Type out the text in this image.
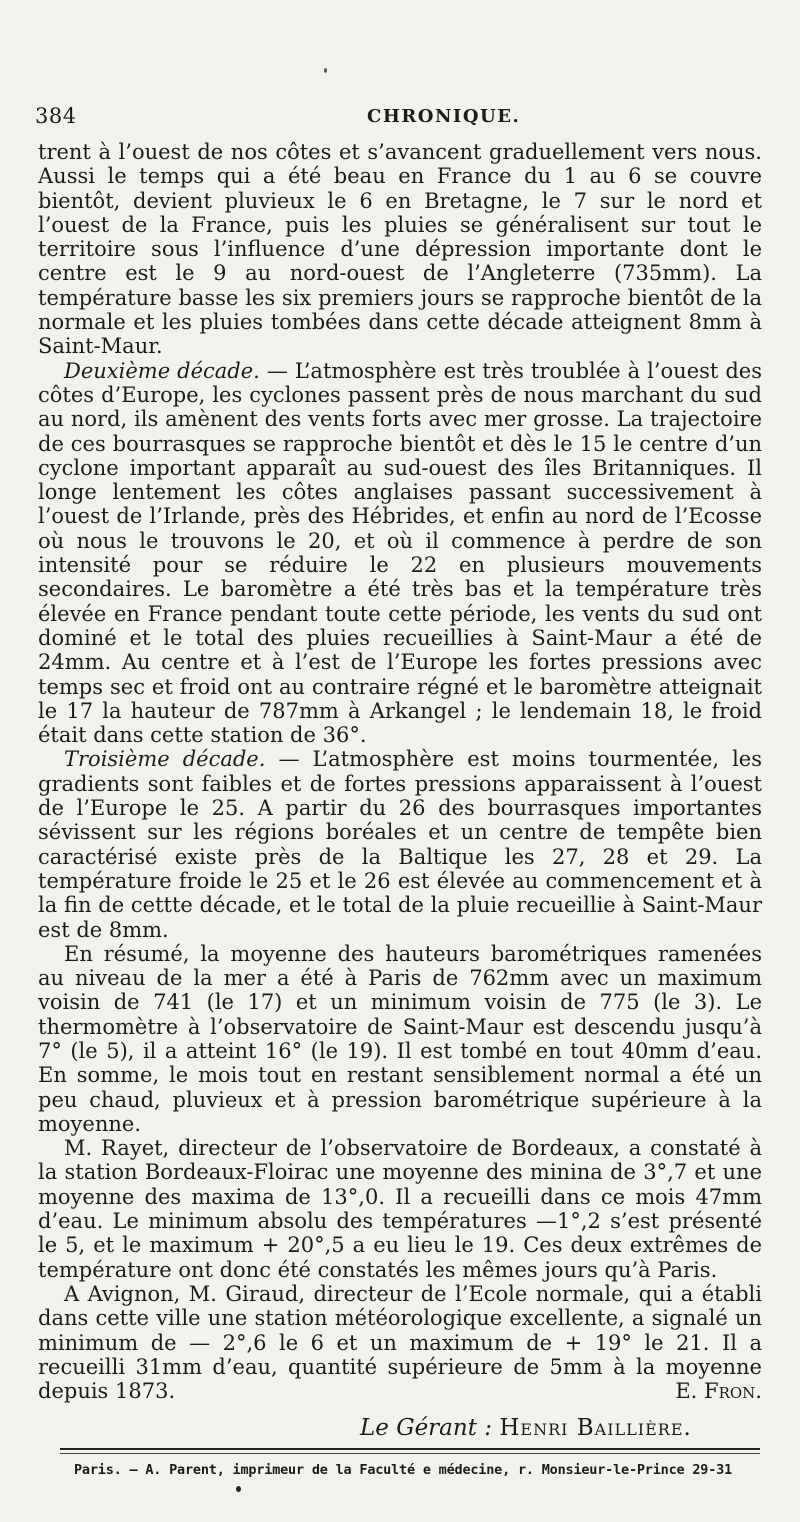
384	CHRONIQUE.

trent à l’ouest de nos côtes et s’avancent graduellement vers nous. Aussi le temps qui a été beau en France du 1 au 6 se couvre bientôt, devient pluvieux le 6 en Bretagne, le 7 sur le nord et l’ouest de la France, puis les pluies se généralisent sur tout le territoire sous l’influence d’une dépression importante dont le centre est le 9 au nord-ouest de l’Angleterre (735mm). La température basse les six premiers jours se rapproche bientôt de la normale et les pluies tombées dans cette décade atteignent 8mm à Saint-Maur.

Deuxième décade. — L’atmosphère est très troublée à l’ouest des côtes d’Europe, les cyclones passent près de nous marchant du sud au nord, ils amènent des vents forts avec mer grosse. La trajectoire de ces bourrasques se rapproche bientôt et dès le 15 le centre d’un cyclone important apparaît au sud-ouest des îles Britanniques. Il longe lentement les côtes anglaises passant successivement à l’ouest de l’Irlande, près des Hébrides, et enfin au nord de l’Ecosse où nous le trouvons le 20, et où il commence à perdre de son intensité pour se réduire le 22 en plusieurs mouvements secondaires. Le baromètre a été très bas et la température très élevée en France pendant toute cette période, les vents du sud ont dominé et le total des pluies recueillies à Saint-Maur a été de 24mm. Au centre et à l’est de l’Europe les fortes pressions avec temps sec et froid ont au contraire régné et le baromètre atteignait le 17 la hauteur de 787mm à Arkangel ; le lendemain 18, le froid était dans cette station de 36°.

Troisième décade. — L’atmosphère est moins tourmentée, les gradients sont faibles et de fortes pressions apparaissent à l’ouest de l’Europe le 25. A partir du 26 des bourrasques importantes sévissent sur les régions boréales et un centre de tempête bien caractérisé existe près de la Baltique les 27, 28 et 29. La température froide le 25 et le 26 est élevée au commencement et à la fin de cettte décade, et le total de la pluie recueillie à Saint-Maur est de 8mm.

En résumé, la moyenne des hauteurs barométriques ramenées au niveau de la mer a été à Paris de 762mm avec un maximum voisin de 741 (le 17) et un minimum voisin de 775 (le 3). Le thermomètre à l’observatoire de Saint-Maur est descendu jusqu’à 7° (le 5), il a atteint 16° (le 19). Il est tombé en tout 40mm d’eau. En somme, le mois tout en restant sensiblement normal a été un peu chaud, pluvieux et à pression barométrique supérieure à la moyenne.

M. Rayet, directeur de l’observatoire de Bordeaux, a constaté à la station Bordeaux-Floirac une moyenne des minina de 3°,7 et une moyenne des maxima de 13°,0. Il a recueilli dans ce mois 47mm d’eau. Le minimum absolu des températures —1°,2 s’est présenté le 5, et le maximum + 20°,5 a eu lieu le 19. Ces deux extrêmes de température ont donc été constatés les mêmes jours qu’à Paris.

A Avignon, M. Giraud, directeur de l’Ecole normale, qui a établi dans cette ville une station météorologique excellente, a signalé un minimum de — 2°,6 le 6 et un maximum de + 19° le 21. Il a recueilli 31mm d’eau, quantité supérieure de 5mm à la moyenne depuis 1873.	E. Fron.

Le Gérant : Henri Baillière.
Paris. — A. Parent, imprimeur de la Faculté e médecine, r. Monsieur-le-Prince 29-31
